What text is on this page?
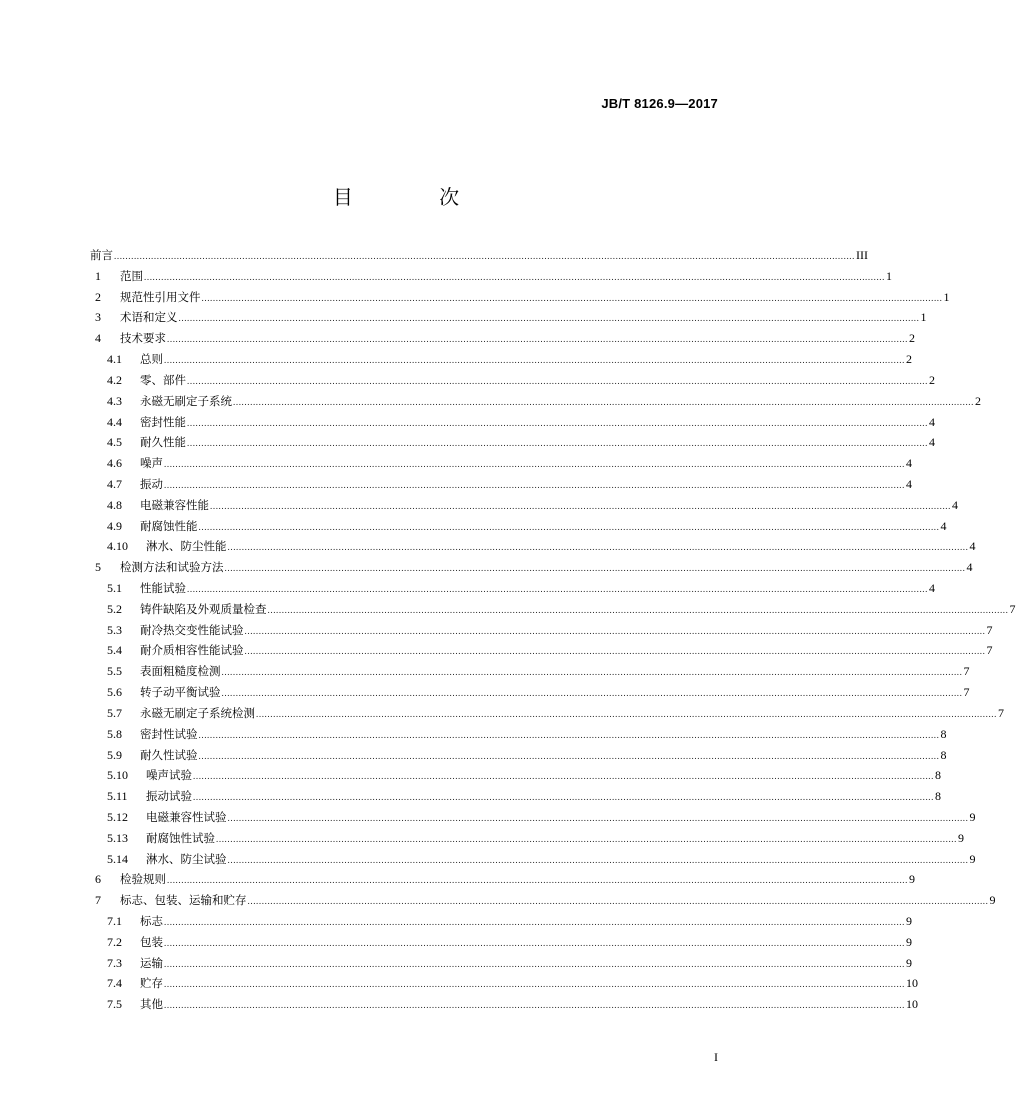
JB/T 8126.9—2017
目 次
前言 .................................................................................................................................................................................................................................................................... III
1	范围 .................................................................................................................................................................................................................................................................... 1
2	规范性引用文件 .................................................................................................................................................................................................................................................................... 1
3	术语和定义 .................................................................................................................................................................................................................................................................... 1
4	技术要求 .................................................................................................................................................................................................................................................................... 2
4.1	总则 .................................................................................................................................................................................................................................................................... 2
4.2	零、部件 .................................................................................................................................................................................................................................................................... 2
4.3	永磁无刷定子系统 .................................................................................................................................................................................................................................................................... 2
4.4	密封性能 .................................................................................................................................................................................................................................................................... 4
4.5	耐久性能 .................................................................................................................................................................................................................................................................... 4
4.6	噪声 .................................................................................................................................................................................................................................................................... 4
4.7	振动 .................................................................................................................................................................................................................................................................... 4
4.8	电磁兼容性能 .................................................................................................................................................................................................................................................................... 4
4.9	耐腐蚀性能 .................................................................................................................................................................................................................................................................... 4
4.10	淋水、防尘性能 .................................................................................................................................................................................................................................................................... 4
5	检测方法和试验方法 .................................................................................................................................................................................................................................................................... 4
5.1	性能试验 .................................................................................................................................................................................................................................................................... 4
5.2	铸件缺陷及外观质量检查 .................................................................................................................................................................................................................................................................... 7
5.3	耐冷热交变性能试验 .................................................................................................................................................................................................................................................................... 7
5.4	耐介质相容性能试验 .................................................................................................................................................................................................................................................................... 7
5.5	表面粗糙度检测 .................................................................................................................................................................................................................................................................... 7
5.6	转子动平衡试验 .................................................................................................................................................................................................................................................................... 7
5.7	永磁无刷定子系统检测 .................................................................................................................................................................................................................................................................... 7
5.8	密封性试验 .................................................................................................................................................................................................................................................................... 8
5.9	耐久性试验 .................................................................................................................................................................................................................................................................... 8
5.10	噪声试验 .................................................................................................................................................................................................................................................................... 8
5.11	振动试验 .................................................................................................................................................................................................................................................................... 8
5.12	电磁兼容性试验 .................................................................................................................................................................................................................................................................... 9
5.13	耐腐蚀性试验 .................................................................................................................................................................................................................................................................... 9
5.14	淋水、防尘试验 .................................................................................................................................................................................................................................................................... 9
6	检验规则 .................................................................................................................................................................................................................................................................... 9
7	标志、包装、运输和贮存 .................................................................................................................................................................................................................................................................... 9
7.1	标志 .................................................................................................................................................................................................................................................................... 9
7.2	包装 .................................................................................................................................................................................................................................................................... 9
7.3	运输 .................................................................................................................................................................................................................................................................... 9
7.4	贮存 .................................................................................................................................................................................................................................................................... 10
7.5	其他 .................................................................................................................................................................................................................................................................... 10
I
